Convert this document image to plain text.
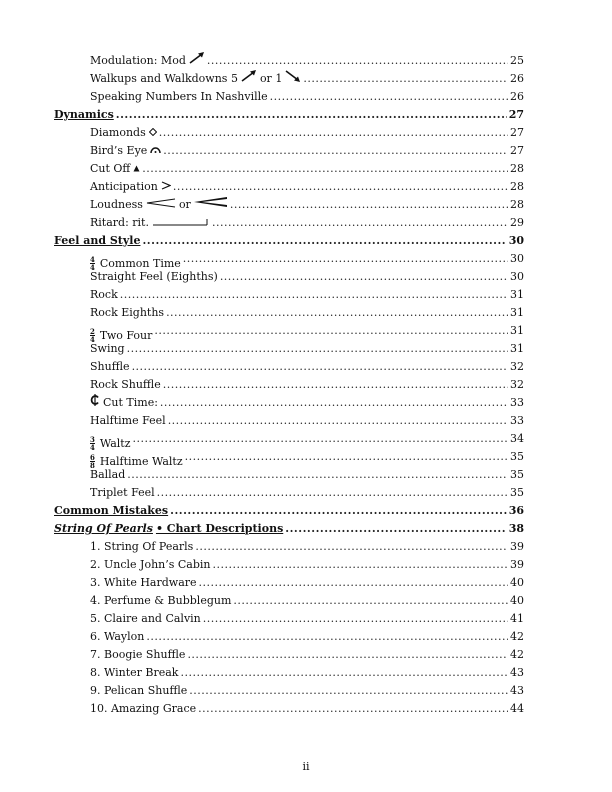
Modulation: Mod .....	25
Walkups and Walkdowns 5 or 1 .....	26
Speaking Numbers In Nashville .....	26
Dynamics .....	27
Diamonds .....	27
Bird’s Eye .....	27
Cut Off .....	28
Anticipation .....	28
Loudness	or .....	28
Ritard: rit. .....	29
Feel and Style .....	30
$\frac{4}{4}$ Common Time .....	30
Straight Feel (Eighths) .....	30
Rock .....	31
Rock Eighths .....	31
$\frac{2}{4}$ Two Four .....	31
Swing .....	31
Shuffle .....	32
Rock Shuffle .....	32
Cut Time: .....	33
Halftime Feel .....	33
$\frac{3}{4}$ Waltz .....	34
$\frac{6}{8}$ Halftime Waltz .....	35
Ballad .....	35
Triplet Feel .....	35
Common Mistakes .....	36
String Of Pearls • Chart Descriptions .....	38
1. String Of Pearls .....	39
2. Uncle John’s Cabin .....	39
3. White Hardware .....	40
4. Perfume & Bubblegum .....	40
5. Claire and Calvin .....	41
6. Waylon .....	42
7. Boogie Shuffle .....	42
8. Winter Break .....	43
9. Pelican Shuffle .....	43
10. Amazing Grace .....	44
ii
